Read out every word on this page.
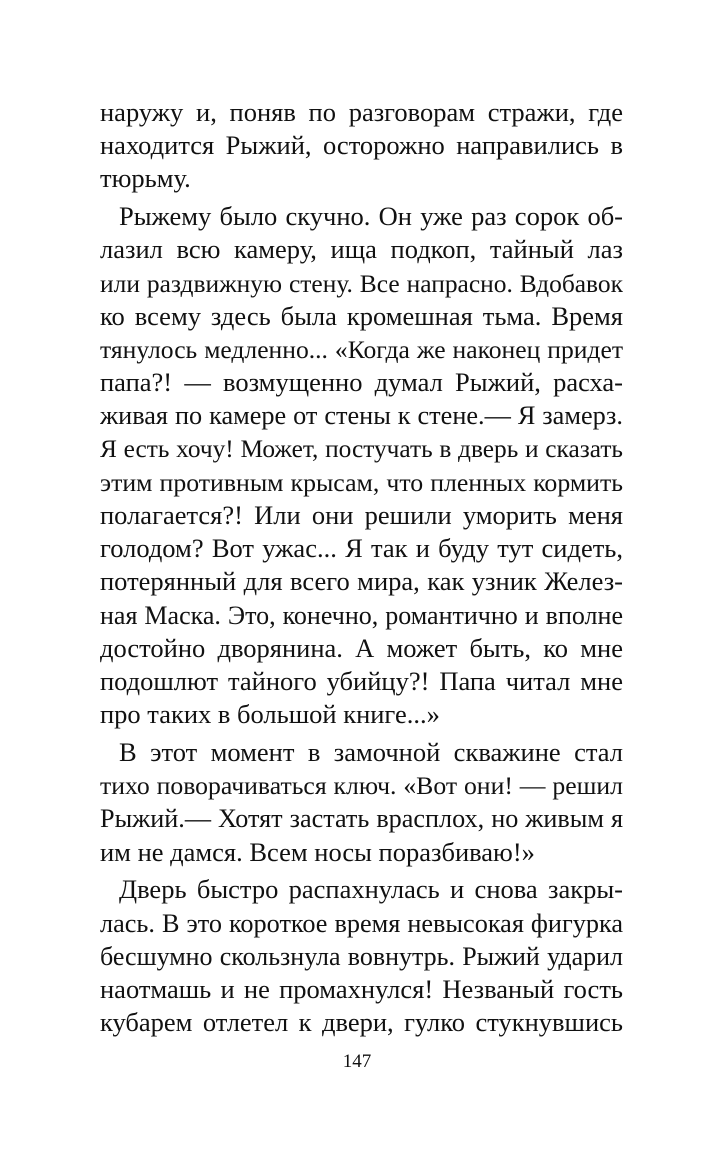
наружу и, поняв по разговорам стражи, где

находится Рыжий, осторожно направились в

тюрьму.

Рыжему было скучно. Он уже раз сорок об-

лазил всю камеру, ища подкоп, тайный лаз

или раздвижную стену. Все напрасно. Вдобавок

ко всему здесь была кромешная тьма. Время

тянулось медленно... «Когда же наконец придет

папа?! — возмущенно думал Рыжий, расха-

живая по камере от стены к стене.— Я замерз.

Я есть хочу! Может, постучать в дверь и сказать

этим противным крысам, что пленных кормить

полагается?! Или они решили уморить меня

голодом? Вот ужас... Я так и буду тут сидеть,

потерянный для всего мира, как узник Желез-

ная Маска. Это, конечно, романтично и вполне

достойно дворянина. А может быть, ко мне

подошлют тайного убийцу?! Папа читал мне

про таких в большой книге...»

В этот момент в замочной скважине стал

тихо поворачиваться ключ. «Вот они! — решил

Рыжий.— Хотят застать врасплох, но живым я

им не дамся. Всем носы поразбиваю!»

Дверь быстро распахнулась и снова закры-

лась. В это короткое время невысокая фигурка

бесшумно скользнула вовнутрь. Рыжий ударил

наотмашь и не промахнулся! Незваный гость

кубарем отлетел к двери, гулко стукнувшись

147
